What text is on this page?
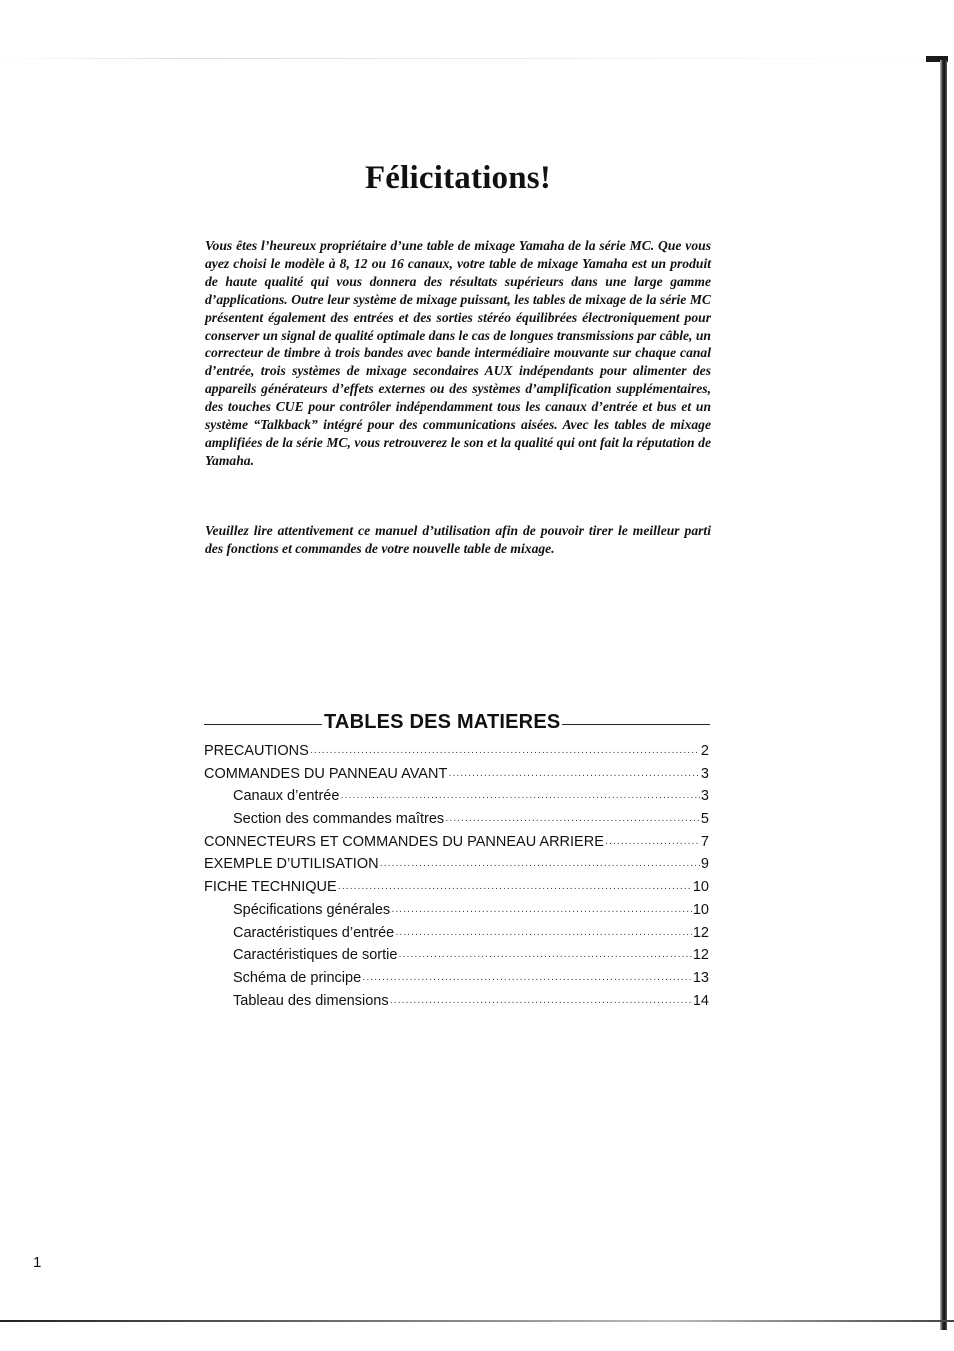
Félicitations!

Vous êtes l’heureux propriétaire d’une table de mixage Yamaha de la série MC. Que vous ayez choisi le modèle à 8, 12 ou 16 canaux, votre table de mixage Yamaha est un produit de haute qualité qui vous donnera des résultats supérieurs dans une large gamme d’applications. Outre leur système de mixage puissant, les tables de mixage de la série MC présentent également des entrées et des sorties stéréo équilibrées électroniquement pour conserver un signal de qualité optimale dans le cas de longues transmissions par câble, un correcteur de timbre à trois bandes avec bande intermédiaire mouvante sur chaque canal d’entrée, trois systèmes de mixage secondaires AUX indépendants pour alimenter des appareils générateurs d’effets externes ou des systèmes d’amplification supplémentaires, des touches CUE pour contrôler indépendamment tous les canaux d’entrée et bus et un système “Talkback” intégré pour des communications aisées. Avec les tables de mixage amplifiées de la série MC, vous retrouverez le son et la qualité qui ont fait la réputation de Yamaha.

Veuillez lire attentivement ce manuel d’utilisation afin de pouvoir tirer le meilleur parti des fonctions et commandes de votre nouvelle table de mixage.

TABLES DES MATIERES
PRECAUTIONS ·····	2
COMMANDES DU PANNEAU AVANT ·····	3
Canaux d’entrée ·····	3
Section des commandes maîtres ·····	5
CONNECTEURS ET COMMANDES DU PANNEAU ARRIERE ·····	7
EXEMPLE D’UTILISATION ·····	9
FICHE TECHNIQUE ·····	10
Spécifications générales ·····	10
Caractéristiques d’entrée ·····	12
Caractéristiques de sortie ·····	12
Schéma de principe ·····	13
Tableau des dimensions ·····	14
1
